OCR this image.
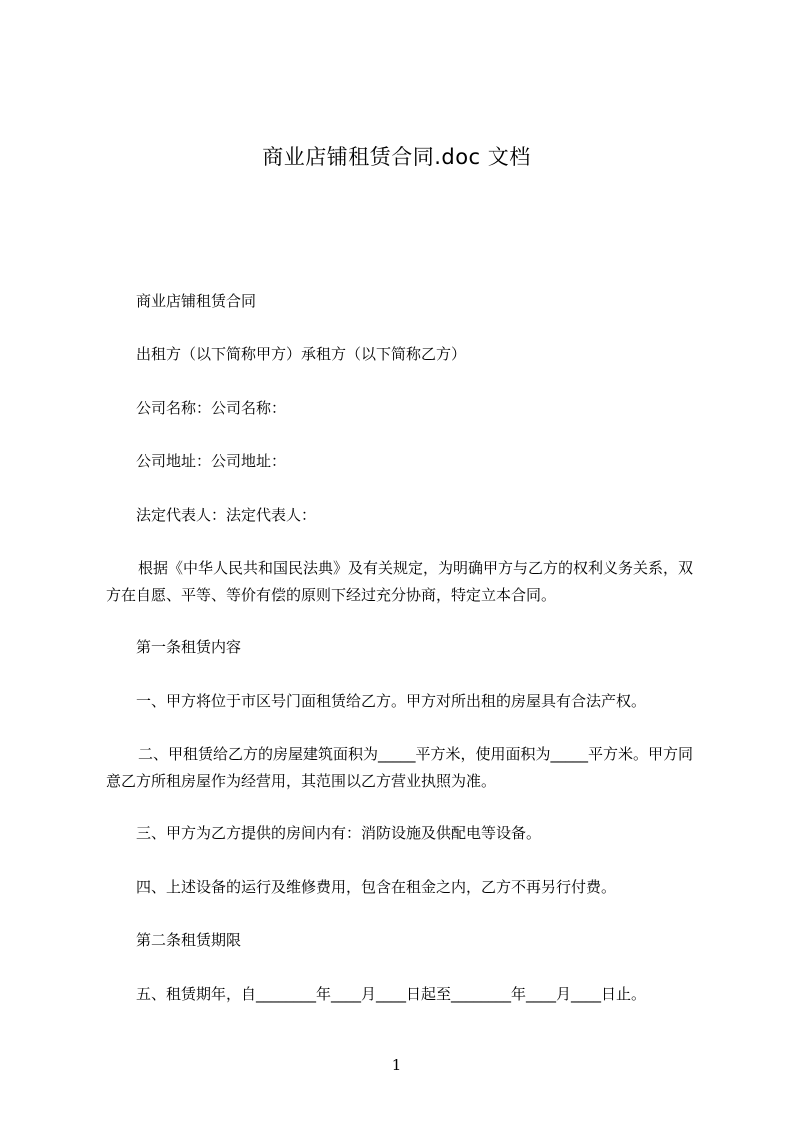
商业店铺租赁合同.doc 文档
商业店铺租赁合同
出租方（以下简称甲方）承租方（以下简称乙方）
公司名称：公司名称：
公司地址：公司地址：
法定代表人：法定代表人：
根据《中华人民共和国民法典》及有关规定，为明确甲方与乙方的权利义务关系，双方在自愿、平等、等价有偿的原则下经过充分协商，特定立本合同。
第一条租赁内容
一、甲方将位于市区号门面租赁给乙方。甲方对所出租的房屋具有合法产权。
二、甲租赁给乙方的房屋建筑面积为_____平方米，使用面积为_____平方米。甲方同意乙方所租房屋作为经营用，其范围以乙方营业执照为准。
三、甲方为乙方提供的房间内有：消防设施及供配电等设备。
四、上述设备的运行及维修费用，包含在租金之内，乙方不再另行付费。
第二条租赁期限
五、租赁期年，自________年____月____日起至________年____月____日止。
1
